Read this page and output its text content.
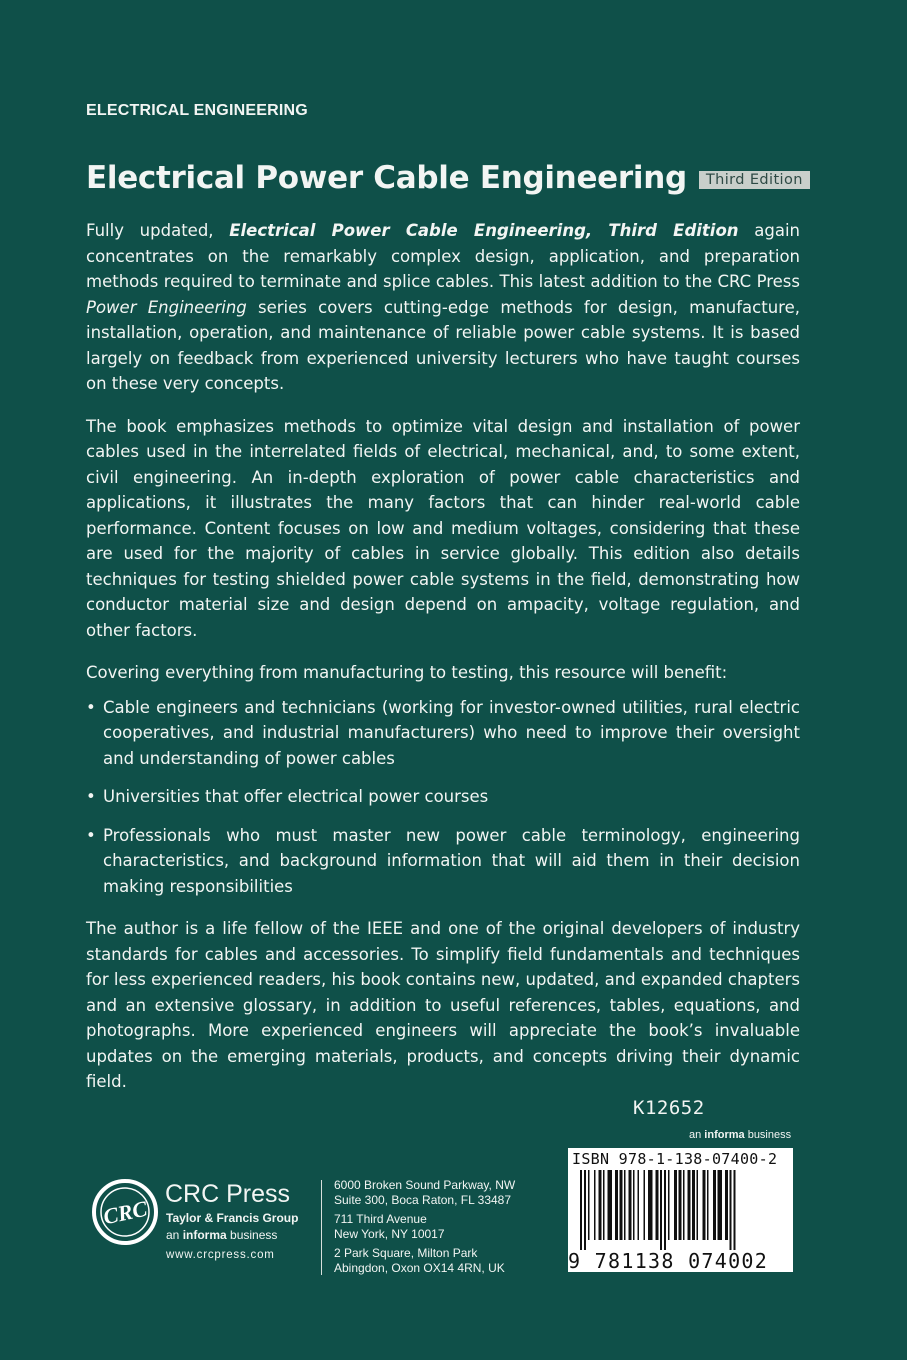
ELECTRICAL ENGINEERING
Electrical Power Cable Engineering	Third Edition

Fully updated, Electrical Power Cable Engineering, Third Edition again concentrates on the remarkably complex design, application, and preparation methods required to terminate and splice cables. This latest addition to the CRC Press Power Engineering series covers cutting-edge methods for design, manufacture, installation, operation, and maintenance of reliable power cable systems. It is based largely on feedback from experienced university lecturers who have taught courses on these very concepts.

The book emphasizes methods to optimize vital design and installation of power cables used in the interrelated fields of electrical, mechanical, and, to some extent, civil engineering. An in-depth exploration of power cable characteristics and applications, it illustrates the many factors that can hinder real-world cable performance. Content focuses on low and medium voltages, considering that these are used for the majority of cables in service globally. This edition also details techniques for testing shielded power cable systems in the field, demonstrating how conductor material size and design depend on ampacity, voltage regulation, and other factors.

Covering everything from manufacturing to testing, this resource will benefit:

• Cable engineers and technicians (working for investor-owned utilities, rural electric cooperatives, and industrial manufacturers) who need to improve their oversight and understanding of power cables
• Universities that offer electrical power courses
• Professionals who must master new power cable terminology, engineering characteristics, and background information that will aid them in their decision making responsibilities

The author is a life fellow of the IEEE and one of the original developers of industry standards for cables and accessories. To simplify field fundamentals and techniques for less experienced readers, his book contains new, updated, and expanded chapters and an extensive glossary, in addition to useful references, tables, equations, and photographs. More experienced engineers will appreciate the book’s invaluable updates on the emerging materials, products, and concepts driving their dynamic field.

K12652
an informa business
ISBN 978-1-138-07400-2
9 781138 074002
CRC
CRC Press
Taylor & Francis Group
an informa business
www.crcpress.com
6000 Broken Sound Parkway, NW
Suite 300, Boca Raton, FL 33487
711 Third Avenue
New York, NY 10017
2 Park Square, Milton Park
Abingdon, Oxon OX14 4RN, UK
